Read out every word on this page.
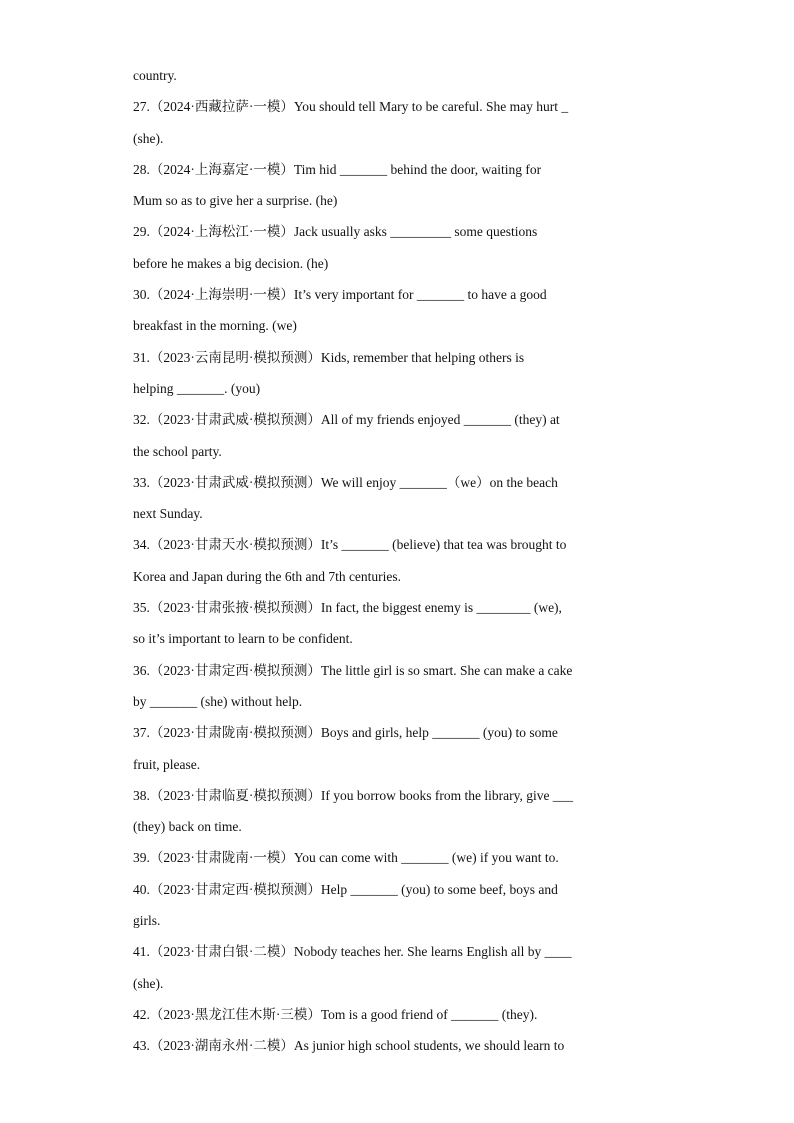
country.
27.（2024·西藏拉萨·一模）You should tell Mary to be careful. She may hurt _
(she).
28.（2024·上海嘉定·一模）Tim hid _______ behind the door, waiting for
Mum so as to give her a surprise. (he)
29.（2024·上海松江·一模）Jack usually asks _________ some questions
before he makes a big decision. (he)
30.（2024·上海崇明·一模）It’s very important for _______ to have a good
breakfast in the morning. (we)
31.（2023·云南昆明·模拟预测）Kids, remember that helping others is
helping _______. (you)
32.（2023·甘肃武威·模拟预测）All of my friends enjoyed _______ (they) at
the school party.
33.（2023·甘肃武威·模拟预测）We will enjoy _______（we）on the beach
next Sunday.
34.（2023·甘肃天水·模拟预测）It’s _______ (believe) that tea was brought to
Korea and Japan during the 6th and 7th centuries.
35.（2023·甘肃张掖·模拟预测）In fact, the biggest enemy is ________ (we),
so it’s important to learn to be confident.
36.（2023·甘肃定西·模拟预测）The little girl is so smart. She can make a cake
by _______ (she) without help.
37.（2023·甘肃陇南·模拟预测）Boys and girls, help _______ (you) to some
fruit, please.
38.（2023·甘肃临夏·模拟预测）If you borrow books from the library, give ___
(they) back on time.
39.（2023·甘肃陇南·一模）You can come with _______ (we) if you want to.
40.（2023·甘肃定西·模拟预测）Help _______ (you) to some beef, boys and
girls.
41.（2023·甘肃白银·二模）Nobody teaches her. She learns English all by ____
(she).
42.（2023·黑龙江佳木斯·三模）Tom is a good friend of _______ (they).
43.（2023·湖南永州·二模）As junior high school students, we should learn to
